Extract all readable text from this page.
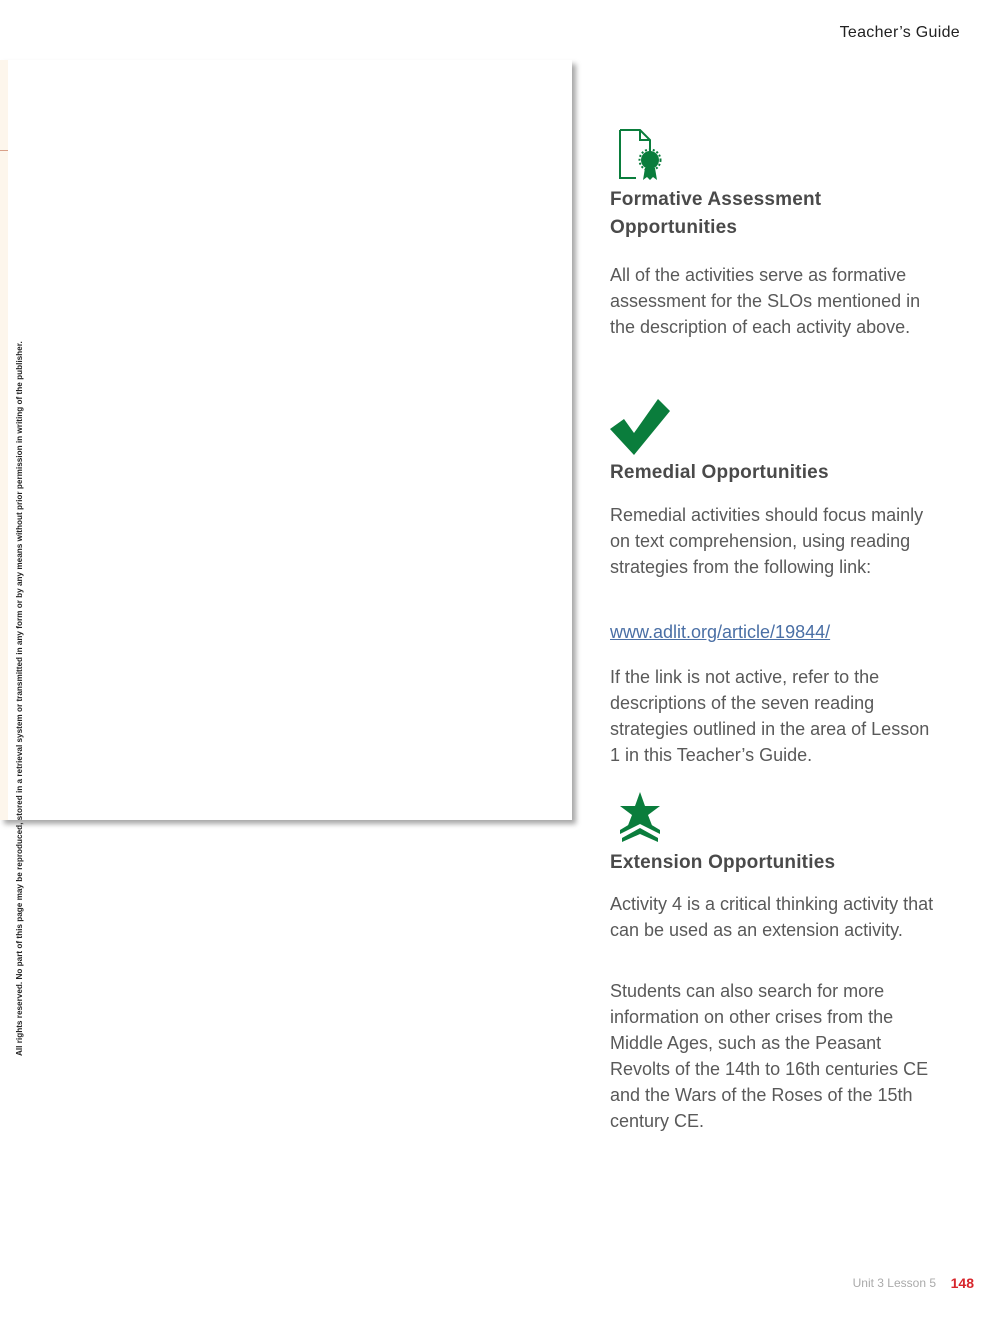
Teacher’s Guide
All rights reserved. No part of this page may be reproduced, stored in a retrieval system or transmitted in any form or by any means without prior permission in writing of the publisher.
Formative Assessment
Opportunities

All of the activities serve as formative assessment for the SLOs mentioned in the description of each activity above.

Remedial Opportunities

Remedial activities should focus mainly on text comprehension, using reading strategies from the following link:

www.adlit.org/article/19844/

If the link is not active, refer to the descriptions of the seven reading strategies outlined in the area of Lesson 1 in this Teacher’s Guide.

Extension Opportunities

Activity 4 is a critical thinking activity that can be used as an extension activity.

Students can also search for more information on other crises from the Middle Ages, such as the Peasant Revolts of the 14th to 16th centuries CE and the Wars of the Roses of the 15th century CE.

Unit 3 Lesson 5 148
